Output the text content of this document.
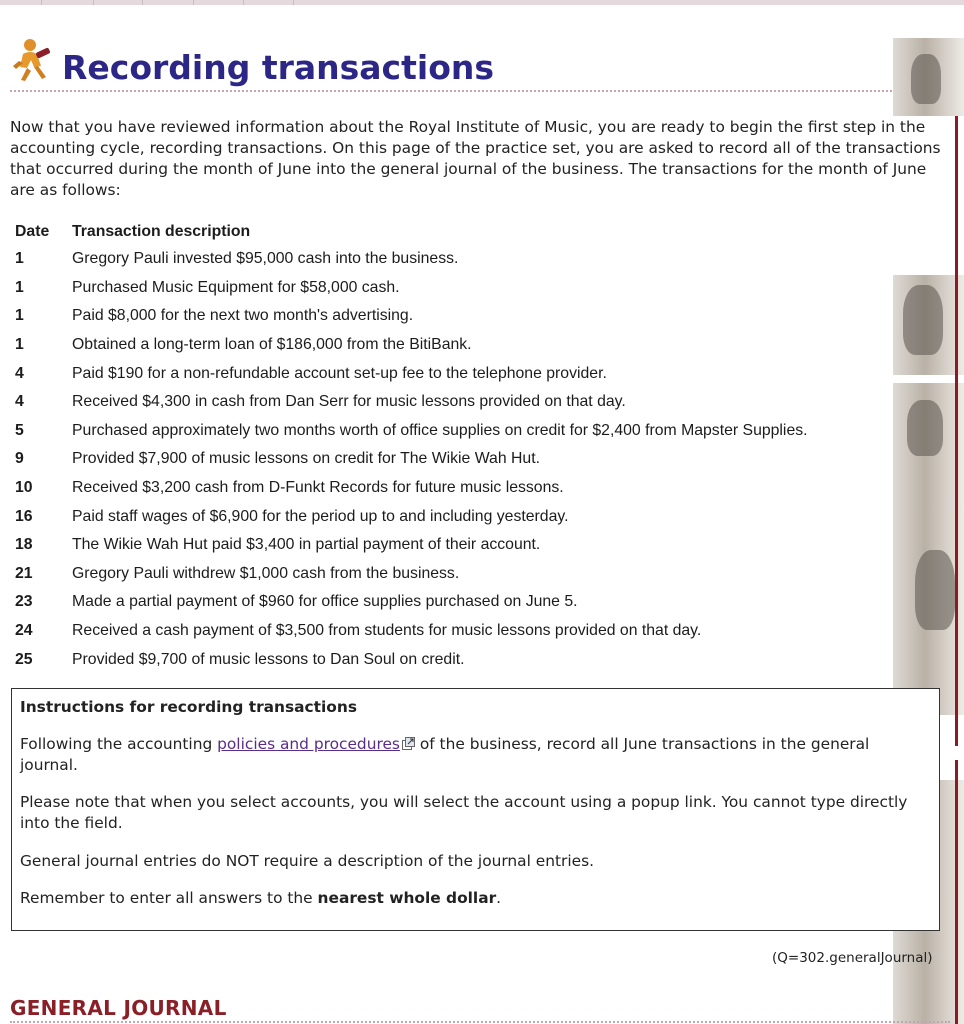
Recording transactions

Now that you have reviewed information about the Royal Institute of Music, you are ready to begin the first step in the accounting cycle, recording transactions. On this page of the practice set, you are asked to record all of the transactions that occurred during the month of June into the general journal of the business. The transactions for the month of June are as follows:

Date	Transaction description
1	Gregory Pauli invested $95,000 cash into the business.
1	Purchased Music Equipment for $58,000 cash.
1	Paid $8,000 for the next two month's advertising.
1	Obtained a long-term loan of $186,000 from the BitiBank.
4	Paid $190 for a non-refundable account set-up fee to the telephone provider.
4	Received $4,300 in cash from Dan Serr for music lessons provided on that day.
5	Purchased approximately two months worth of office supplies on credit for $2,400 from Mapster Supplies.
9	Provided $7,900 of music lessons on credit for The Wikie Wah Hut.
10	Received $3,200 cash from D-Funkt Records for future music lessons.
16	Paid staff wages of $6,900 for the period up to and including yesterday.
18	The Wikie Wah Hut paid $3,400 in partial payment of their account.
21	Gregory Pauli withdrew $1,000 cash from the business.
23	Made a partial payment of $960 for office supplies purchased on June 5.
24	Received a cash payment of $3,500 from students for music lessons provided on that day.
25	Provided $9,700 of music lessons to Dan Soul on credit.
Instructions for recording transactions

Following the accounting policies and procedures of the business, record all June transactions in the general journal.

Please note that when you select accounts, you will select the account using a popup link. You cannot type directly into the field.

General journal entries do NOT require a description of the journal entries.

Remember to enter all answers to the nearest whole dollar.

(Q=302.generalJournal)
GENERAL JOURNAL
